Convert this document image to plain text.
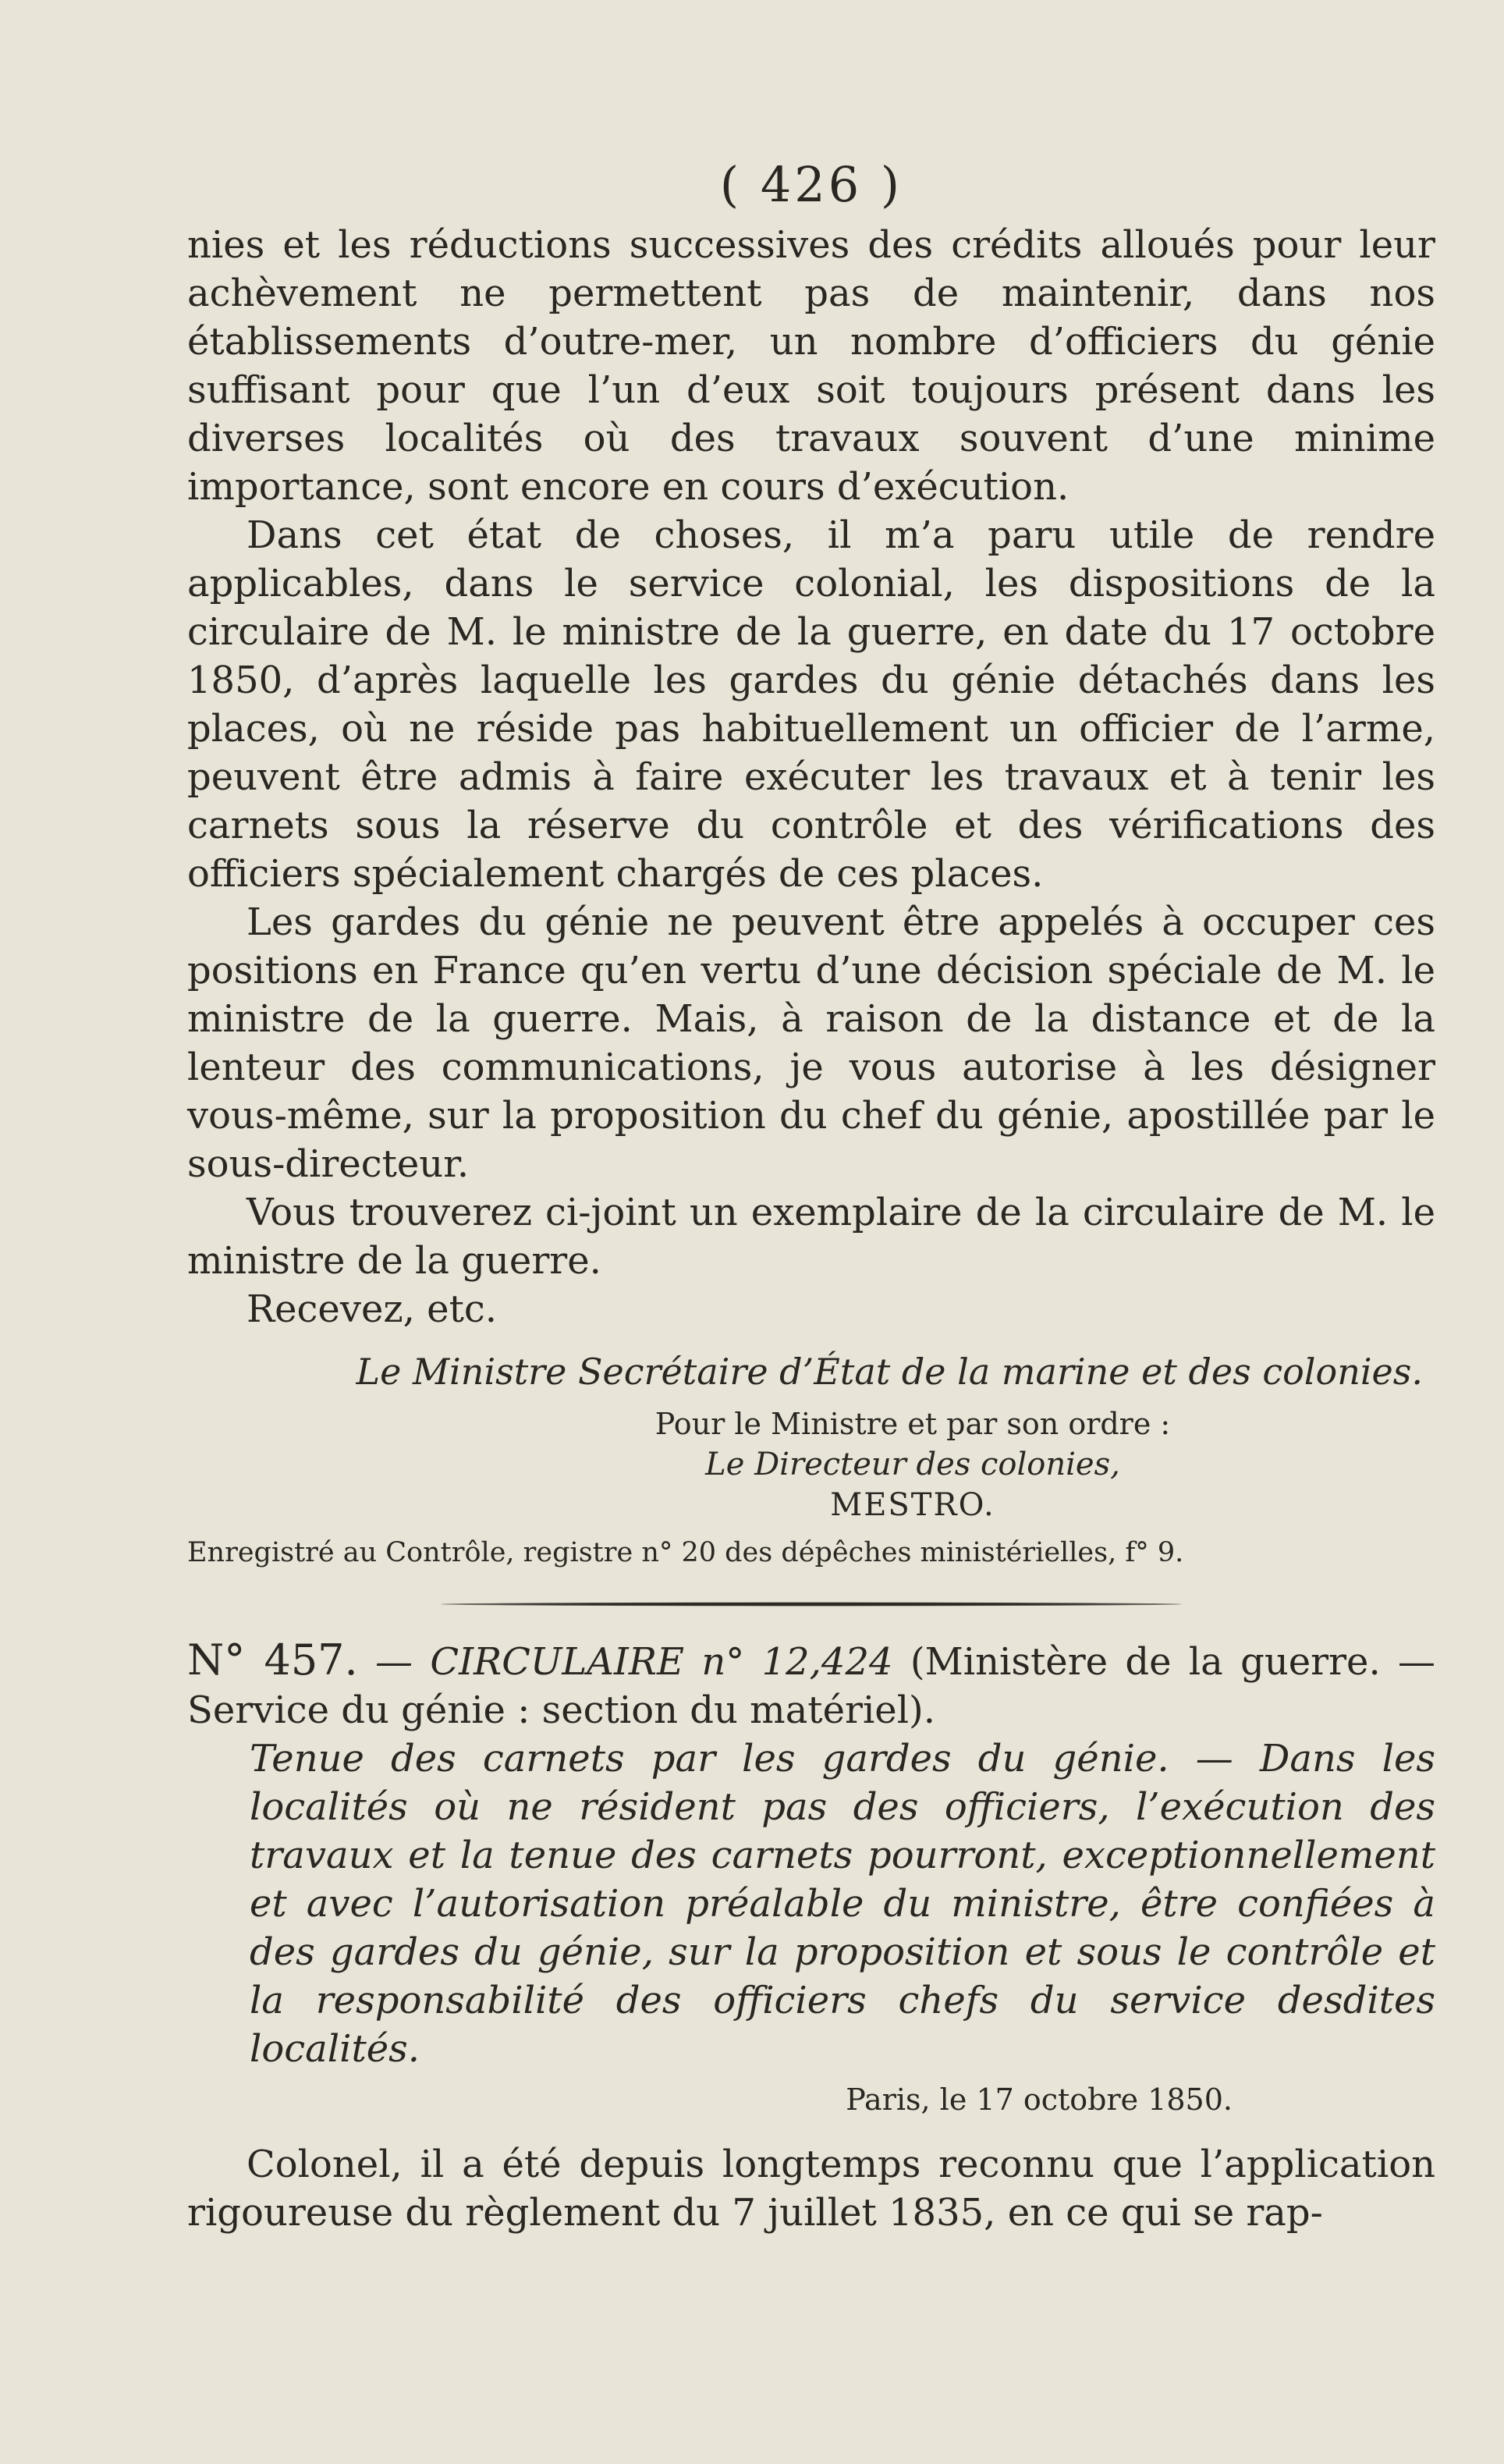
( 426 )

nies et les réductions successives des crédits alloués pour leur achèvement ne permettent pas de maintenir, dans nos établissements d’outre-mer, un nombre d’officiers du génie suffisant pour que l’un d’eux soit toujours présent dans les diverses localités où des travaux souvent d’une minime importance, sont encore en cours d’exécution.

Dans cet état de choses, il m’a paru utile de rendre applicables, dans le service colonial, les dispositions de la circulaire de M. le ministre de la guerre, en date du 17 octobre 1850, d’après laquelle les gardes du génie détachés dans les places, où ne réside pas habituellement un officier de l’arme, peuvent être admis à faire exécuter les travaux et à tenir les carnets sous la réserve du contrôle et des vérifications des officiers spécialement chargés de ces places.

Les gardes du génie ne peuvent être appelés à occuper ces positions en France qu’en vertu d’une décision spéciale de M. le ministre de la guerre. Mais, à raison de la distance et de la lenteur des communications, je vous autorise à les désigner vous-même, sur la proposition du chef du génie, apostillée par le sous-directeur.

Vous trouverez ci-joint un exemplaire de la circulaire de M. le ministre de la guerre.

Recevez, etc.

Le Ministre Secrétaire d’État de la marine et des colonies.

Pour le Ministre et par son ordre :

Le Directeur des colonies,

MESTRO.

Enregistré au Contrôle, registre n° 20 des dépêches ministérielles, f° 9.

N° 457. — CIRCULAIRE n° 12,424 (Ministère de la guerre. — Service du génie : section du matériel).

Tenue des carnets par les gardes du génie. — Dans les localités où ne résident pas des officiers, l’exécution des travaux et la tenue des carnets pourront, exceptionnellement et avec l’autorisation préalable du ministre, être confiées à des gardes du génie, sur la proposition et sous le contrôle et la responsabilité des officiers chefs du service desdites localités.

Paris, le 17 octobre 1850.

Colonel, il a été depuis longtemps reconnu que l’application rigoureuse du règlement du 7 juillet 1835, en ce qui se rap-
